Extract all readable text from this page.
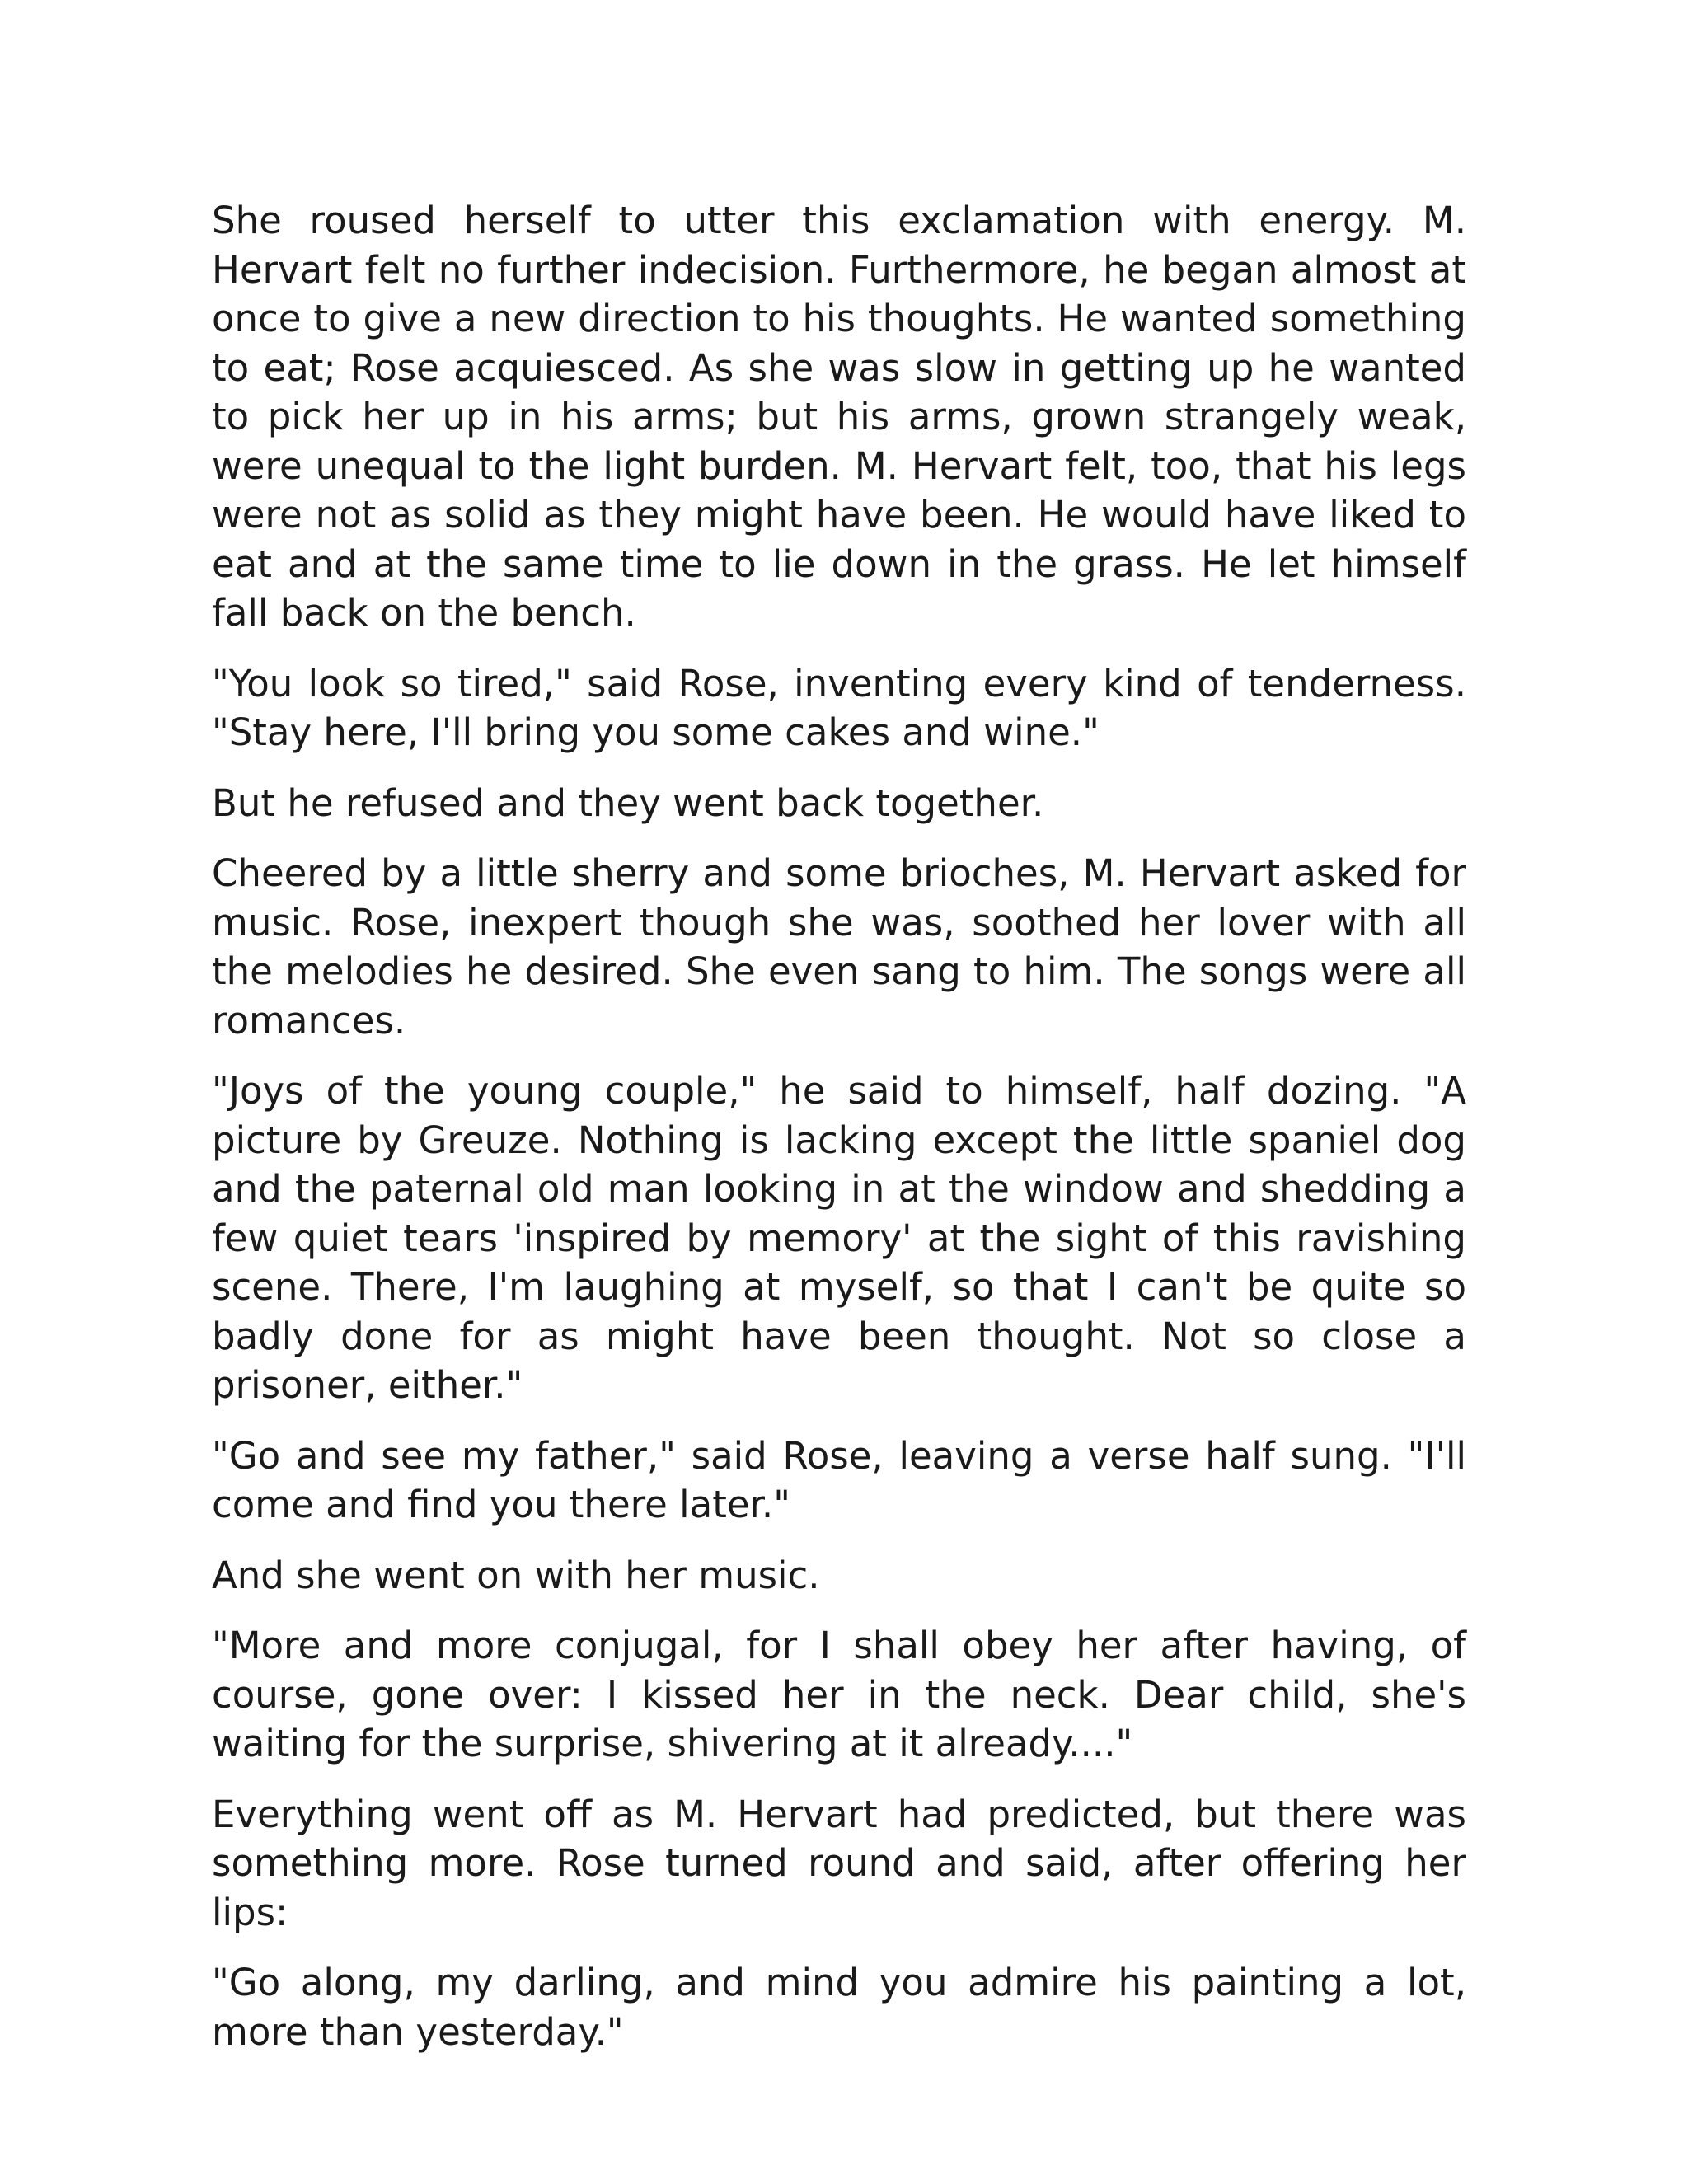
She roused herself to utter this exclamation with energy. M. Hervart felt no further indecision. Furthermore, he began almost at once to give a new direction to his thoughts. He wanted something to eat; Rose acquiesced. As she was slow in getting up he wanted to pick her up in his arms; but his arms, grown strangely weak, were unequal to the light burden. M. Hervart felt, too, that his legs were not as solid as they might have been. He would have liked to eat and at the same time to lie down in the grass. He let himself fall back on the bench.

"You look so tired," said Rose, inventing every kind of tenderness. "Stay here, I'll bring you some cakes and wine."

But he refused and they went back together.

Cheered by a little sherry and some brioches, M. Hervart asked for music. Rose, inexpert though she was, soothed her lover with all the melodies he desired. She even sang to him. The songs were all romances.

"Joys of the young couple," he said to himself, half dozing. "A picture by Greuze. Nothing is lacking except the little spaniel dog and the paternal old man looking in at the window and shedding a few quiet tears 'inspired by memory' at the sight of this ravishing scene. There, I'm laughing at myself, so that I can't be quite so badly done for as might have been thought. Not so close a prisoner, either."

"Go and see my father," said Rose, leaving a verse half sung. "I'll come and find you there later."

And she went on with her music.

"More and more conjugal, for I shall obey her after having, of course, gone over: I kissed her in the neck. Dear child, she's waiting for the surprise, shivering at it already...."

Everything went off as M. Hervart had predicted, but there was something more. Rose turned round and said, after offering her lips:

"Go along, my darling, and mind you admire his painting a lot, more than yesterday."
